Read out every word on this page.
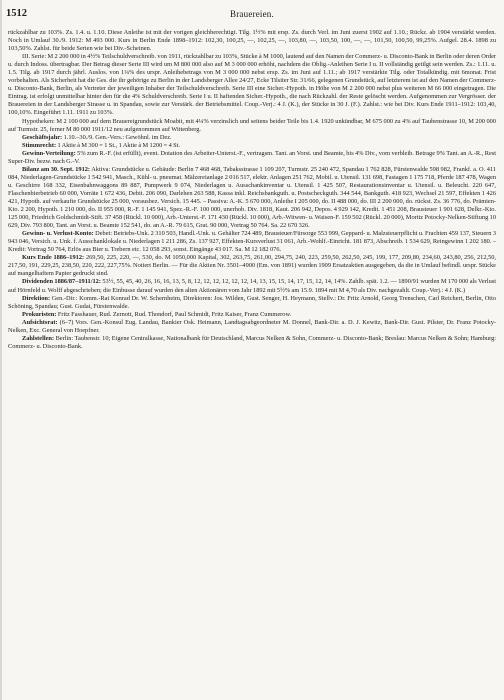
1512	Brauereien.

rückzahlbar zu 103%. Zs. 1.4. u. 1.10. Diese Anleihe ist mit der vorigen gleichberechtigt. Tilg. 1½% mit ersp. Zs. durch Verl. im Juni zuerst 1902 auf 1.10.; Rückz. ab 1904 verstärkt werden. Noch in Umlauf 30./9. 1912: M 493 000. Kurs in Berlin Ende 1898–1912: 102,30, 100,25, —, 102,25, —, 103,80, —, 103,50, 100, —, —, 101,50, 100,50, 99,25%. Aufgel. 28.4. 1898 zu 103,50%. Zahlst. für beide Serien wie bei Div.-Scheinen.

III. Serie: M 2 200 000 in 4½% Teilschuldverschreib. von 1911, rückzahlbar zu 103%, Stücke à M 1000, lautend auf den Namen der Commerz- u. Disconto-Bank in Berlin oder deren Order u. durch Indoss. übertragbar. Der Betrag dieser Serie III wird um M 800 000 also auf M 3 000 000 erhöht, nachdem die Oblig.-Anleihen Serie I u. II vollständig getilgt sein werden. Zs.: 1.11. u. 1.5. Tilg. ab 1917 durch jährl. Auslos. von 1¼% des urspr. Anleihebetrags von M 3 000 000 nebst ersp. Zs. im Juni auf 1.11.; ab 1917 verstärkte Tilg. oder Totalkündig. mit 6monat. Frist vorbehalten. Als Sicherheit hat die Ges. die ihr gehörige zu Berlin in der Landsberger Allee 24/27, Ecke Tilsiter Str. 31/66, gelegenen Grundstück, auf letzterem ist auf den Namen der Commerz- u. Disconto-Bank, Berlin, als Vertreter der jeweiligen Inhaber der Teilschuldverschreib. Serie III eine Sicher.-Hypoth. in Höhe von M 2 200 000 nebst plus weiteren M 66 000 eingetragen. Die Eintrag. ist erfolgt unmittelbar hinter den für die 4% Schuldverschreib. Serie I u. II haftenden Sicher.-Hypoth., die nach Rückzahl. der Reste gelöscht werden. Aufgenommen zur Vergrösser. der Brauereien in der Landsberger Strasse u. in Spandau, sowie zur Verstärk. der Betriebsmittel. Coup.-Verj.: 4 J. (K.), der Stücke in 30 J. (F.). Zahlst.: wie bei Div. Kurs Ende 1911–1912: 103,40, 100,10%. Eingeführt 1.11. 1911 zu 103%.

Hypotheken: M 2 100 000 auf dem Brauereigrundstück Moabit, mit 4¼% verzinslich und seitens beider Teile bis 1.4. 1920 unkündbar, M 675 000 zu 4% auf Taubenstrasse 10, M 200 000 auf Turmstr. 25, ferner M 80 000 1911/12 neu aufgenommen auf Wittenberg.

Geschäftsjahr: 1.10.–30./9. Gen.-Vers.: Gewöhnl. im Dez.

Stimmrecht: 1 Aktie à M 300 = 1 St., 1 Aktie à M 1200 = 4 St.

Gewinn-Verteilung: 5% zum R.-F. (ist erfüllt), event. Dotation des Arbeiter-Unterst.-F., vertragsm. Tant. an Vorst. und Beamte, bis 4% Div., vom verbleib. Betrage 9% Tant. an A.-R., Rest Super-Div. bezw. nach G.-V.

Bilanz am 30. Sept. 1912: Aktiva: Grundstücke u. Gebäude: Berlin 7 468 468, Tabaksstrasse 1 109 207, Turmstr. 25 240 472, Spandau 1 762 828, Fürstenwalde 598 982, Frankf. a. O. 411 084, Niederlagen-Grundstücke 1 542 941, Masch., Kühl- u. pneumat. Mälzereianlage 2 016 517, elektr. Anlagen 251 762, Mobil. u. Utensil. 131 698, Fastagen 1 175 718, Pferde 187 478, Wagen u. Geschirre 168 332, Eisenbahnwaggons 89 887, Pumpwerk 9 074, Niederlagen u. Ausschankinventar u. Utensil. 1 425 507, Restaurationsinventar u. Utensil. u. Beleucht. 220 647, Flaschenbierbetrieb 60 000, Vorräte 1 672 436, Debit. 206 090, Darlehen 263 588, Kassa inkl. Reichsbankguth. u. Postscheckguth. 344 544, Bankguth. 418 923, Wechsel 21 597, Effekten 1 426 421, Hypoth. auf verkaufte Grundstücke 25 000, vorausbez. Versich. 15 445. – Passiva: A.-K. 5 670 000, Anleihe I 205 000, do. II 488 000, do. III 2 200 000, do. rückst. Zs. 36 776, do. Prämien-Kto. 2 200, Hypoth. 1 210 000, do. II 955 000, R.-F. 1 145 941, Spez.-R.-F. 100 000, unerhob. Div. 1818, Kaut. 206 942, Depos. 4 929 142, Kredit. 1 451 208, Brausteuer 1 901 628, Delkr.-Kto. 125 000, Friedrich Goldschmidt-Stift. 37 458 (Rückl. 10 000), Arb.-Unterst.-F. 171 430 (Rückl. 10 000), Arb.-Witwen- u. Waisen-F. 159 502 (Rückl. 20 000), Moritz Potocky-Nelken-Stiftung 10 629, Div. 793 800, Tant. an Vorst. u. Beamte 152 541, do. an A.-R. 79 615, Grat. 90 000, Vortrag 50 764. Sa. 22 670 326.

Gewinn- u. Verlust-Konto: Debet: Betriebs-Unk. 2 310 503, Handl.-Unk. u. Gehälter 724 489, Brausteuer/Fürsorge 553 999, Geppard- u. Malzsteuerpflicht u. Frachten 459 137, Steuern 3 943 046, Versich. u. Unk. f. Ausschanklokale u. Niederlagen 1 211 286, Zs. 137 927, Effekten-Kursverlust 31 061, Arb.-Wohlf.-Einricht. 181 873, Abschreib. 1 534 629, Reingewinn 1 202 180. – Kredit: Vortrag 50 764, Erlös aus Bier u. Trebern etc. 12 058 293, sonst. Eingänge 43 017. Sa. M 12 182 076.

Kurs Ende 1886–1912: 269,50, 225, 220, —, 530, do. M 1050,000 Kapital, 302, 263,75, 261,00, 294,75, 240, 223, 259,50, 262,50, 245, 199, 177, 209,80, 234,60, 243,80, 256, 212,50, 217,50, 191, 229,25, 238,50, 220, 222, 227,75%. Notiert Berlin. — Für die Aktien Nr. 3501–4900 (Em. von 1891) wurden 1909 Ersatzaktien ausgegeben, da die in Umlauf befindl. urspr. Stücke auf mangelhaftem Papier gedruckt sind.

Dividenden 1886/87–1911/12: 53½, 55, 45, 40, 26, 16, 16, 13, 5, 8, 12, 12, 12, 12, 12, 12, 14, 13, 15, 15, 14, 17, 15, 12, 14, 14%. Zahlb. spät. 1.2. — 1890/91 wurden M 170 000 als Verlust auf Hörnfeld u. Wolff abgeschrieben; die Einbusse darauf wurden den alten Aktionären vom Jahr 1892 mit 5½% am 15.9. 1894 mit M 4,70 als Div. nachgezahlt. Coup.-Verj.: 4 J. (K.)

Direktion: Gen.-Dir.: Komm.-Rat Konrad Dr. W. Schernheim, Direktoren: Jos. Wilden, Gust. Senger, H. Heymann, Stellv.: Dr. Fritz Arnold, Georg Trenschen, Carl Reichert, Berlin, Otto Schöning, Spandau; Gust. Gudat, Fürstenwalde.

Prokuristen: Fritz Fasshauer, Rud. Zernott, Rud. Thondorf, Paul Schmidt, Fritz Kaiser, Franz Cummerow.

Aufsichtsrat: (6–7) Vors. Gen.-Konsul Eug. Landau, Bankier Osk. Heimann, Landtagsabgeordneter M. Donnel, Bank-Dir. a. D. J. Kewitz, Bank-Dir. Gust. Pilster, Dr. Franz Potocky-Nelken, Exc. General von Hoepfner.

Zahlstellen: Berlin: Taubenstr. 10; Eigene Centralkasse, Nationalbank für Deutschland, Marcus Nelken & Sohn, Commerz- u. Disconto-Bank; Breslau: Marcus Nelken & Sohn; Hamburg: Commerz- u. Disconto-Bank.
